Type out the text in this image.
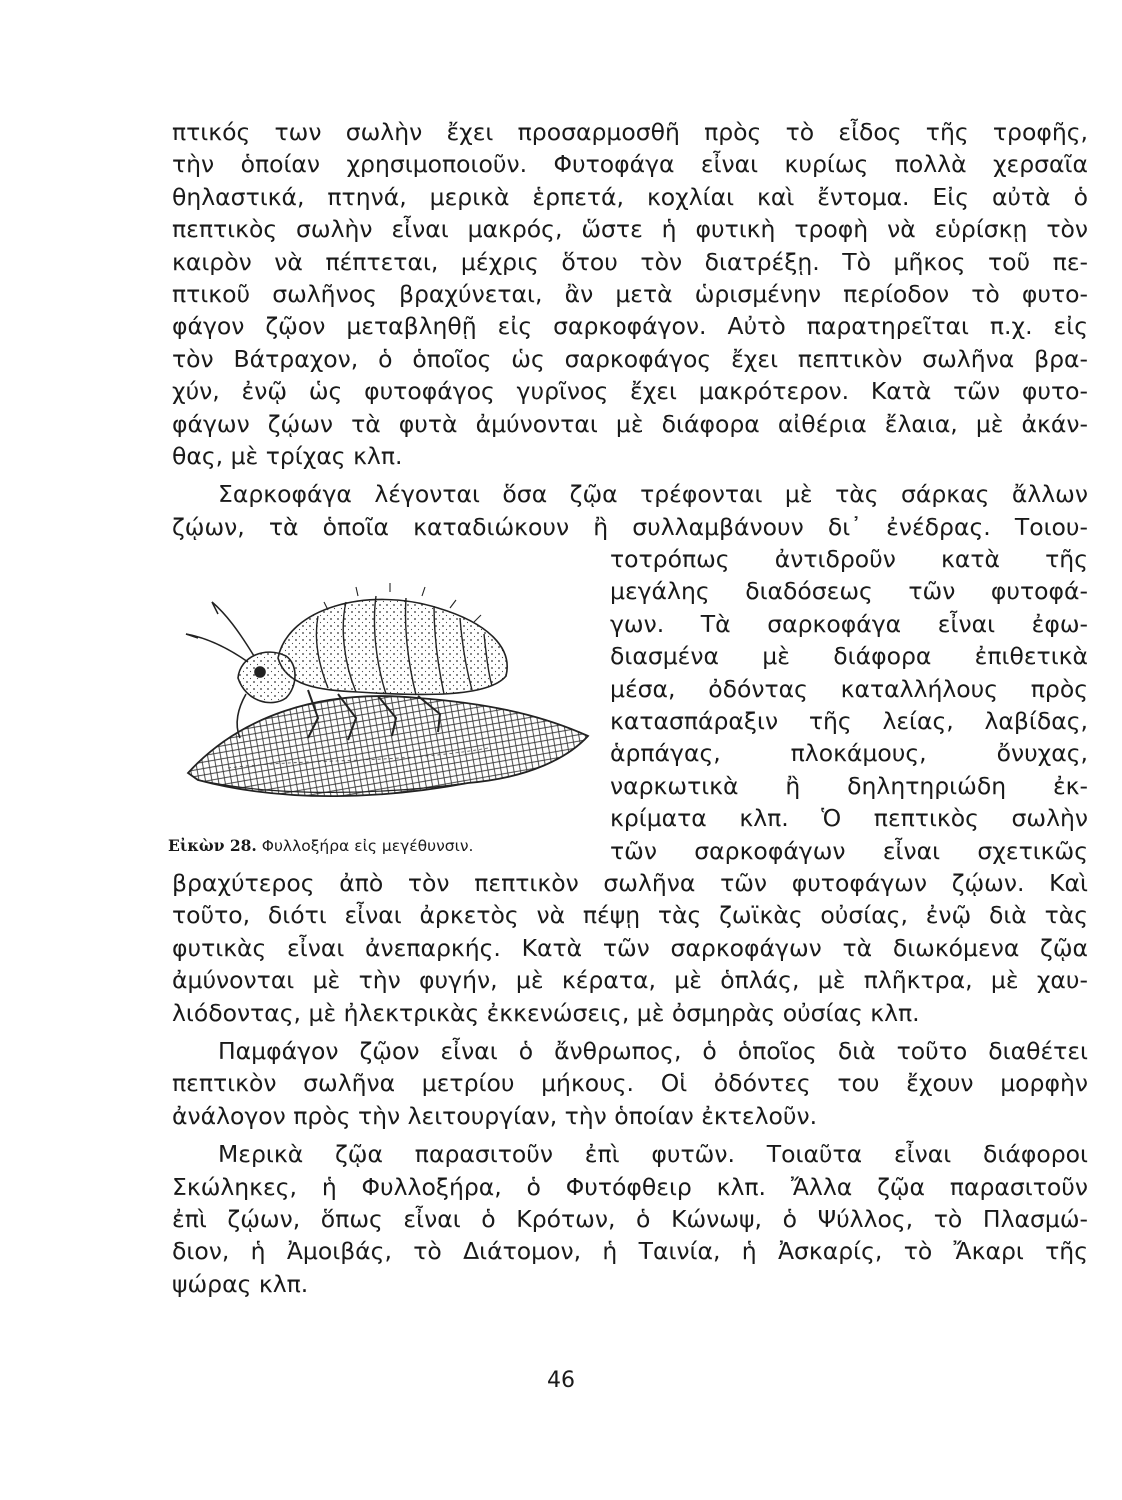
πτικός των σωλὴν ἔχει προσαρμοσθῆ πρὸς τὸ εἶδος τῆς τροφῆς,
τὴν ὁποίαν χρησιμοποιοῦν. Φυτοφάγα εἶναι κυρίως πολλὰ χερσαῖα
θηλαστικά, πτηνά, μερικὰ ἑρπετά, κοχλίαι καὶ ἔντομα. Εἰς αὐτὰ ὁ
πεπτικὸς σωλὴν εἶναι μακρός, ὥστε ἡ φυτικὴ τροφὴ νὰ εὑρίσκῃ τὸν
καιρὸν νὰ πέπτεται, μέχρις ὅτου τὸν διατρέξῃ. Τὸ μῆκος τοῦ πε-
πτικοῦ σωλῆνος βραχύνεται, ἂν μετὰ ὡρισμένην περίοδον τὸ φυτο-
φάγον ζῷον μεταβληθῇ εἰς σαρκοφάγον. Αὐτὸ παρατηρεῖται π.χ. εἰς
τὸν Βάτραχον, ὁ ὁποῖος ὡς σαρκοφάγος ἔχει πεπτικὸν σωλῆνα βρα-
χύν, ἐνῷ ὡς φυτοφάγος γυρῖνος ἔχει μακρότερον. Κατὰ τῶν φυτο-
φάγων ζῴων τὰ φυτὰ ἀμύνονται μὲ διάφορα αἰθέρια ἔλαια, μὲ ἀκάν-
θας, μὲ τρίχας κλπ.
Σαρκοφάγα λέγονται ὅσα ζῷα τρέφονται μὲ τὰς σάρκας ἄλλων
ζῴων, τὰ ὁποῖα καταδιώκουν ἢ συλλαμβάνουν δι᾽ ἐνέδρας. Τοιου-
τοτρόπως ἀντιδροῦν κατὰ τῆς
μεγάλης διαδόσεως τῶν φυτοφά-
γων. Τὰ σαρκοφάγα εἶναι ἐφω-
διασμένα μὲ διάφορα ἐπιθετικὰ
μέσα, ὀδόντας καταλλήλους πρὸς
κατασπάραξιν τῆς λείας, λαβίδας,
ἁρπάγας, πλοκάμους, ὄνυχας,
ναρκωτικὰ ἢ δηλητηριώδη ἐκ-
κρίματα κλπ. Ὁ πεπτικὸς σωλὴν
τῶν σαρκοφάγων εἶναι σχετικῶς
βραχύτερος ἀπὸ τὸν πεπτικὸν σωλῆνα τῶν φυτοφάγων ζῴων. Καὶ
τοῦτο, διότι εἶναι ἀρκετὸς νὰ πέψῃ τὰς ζωϊκὰς οὐσίας, ἐνῷ διὰ τὰς
φυτικὰς εἶναι ἀνεπαρκής. Κατὰ τῶν σαρκοφάγων τὰ διωκόμενα ζῷα
ἀμύνονται μὲ τὴν φυγήν, μὲ κέρατα, μὲ ὁπλάς, μὲ πλῆκτρα, μὲ χαυ-
λιόδοντας, μὲ ἠλεκτρικὰς ἐκκενώσεις, μὲ ὀσμηρὰς οὐσίας κλπ.
Παμφάγον ζῷον εἶναι ὁ ἄνθρωπος, ὁ ὁποῖος διὰ τοῦτο διαθέτει
πεπτικὸν σωλῆνα μετρίου μήκους. Οἱ ὀδόντες του ἔχουν μορφὴν
ἀνάλογον πρὸς τὴν λειτουργίαν, τὴν ὁποίαν ἐκτελοῦν.
Μερικὰ ζῷα παρασιτοῦν ἐπὶ φυτῶν. Τοιαῦτα εἶναι διάφοροι
Σκώληκες, ἡ Φυλλοξήρα, ὁ Φυτόφθειρ κλπ. Ἄλλα ζῷα παρασιτοῦν
ἐπὶ ζῴων, ὅπως εἶναι ὁ Κρότων, ὁ Κώνωψ, ὁ Ψύλλος, τὸ Πλασμώ-
διον, ἡ Ἀμοιβάς, τὸ Διάτομον, ἡ Ταινία, ἡ Ἀσκαρίς, τὸ Ἄκαρι τῆς
ψώρας κλπ.
Εἰκὼν 28. Φυλλοξήρα εἰς μεγέθυνσιν.
46
